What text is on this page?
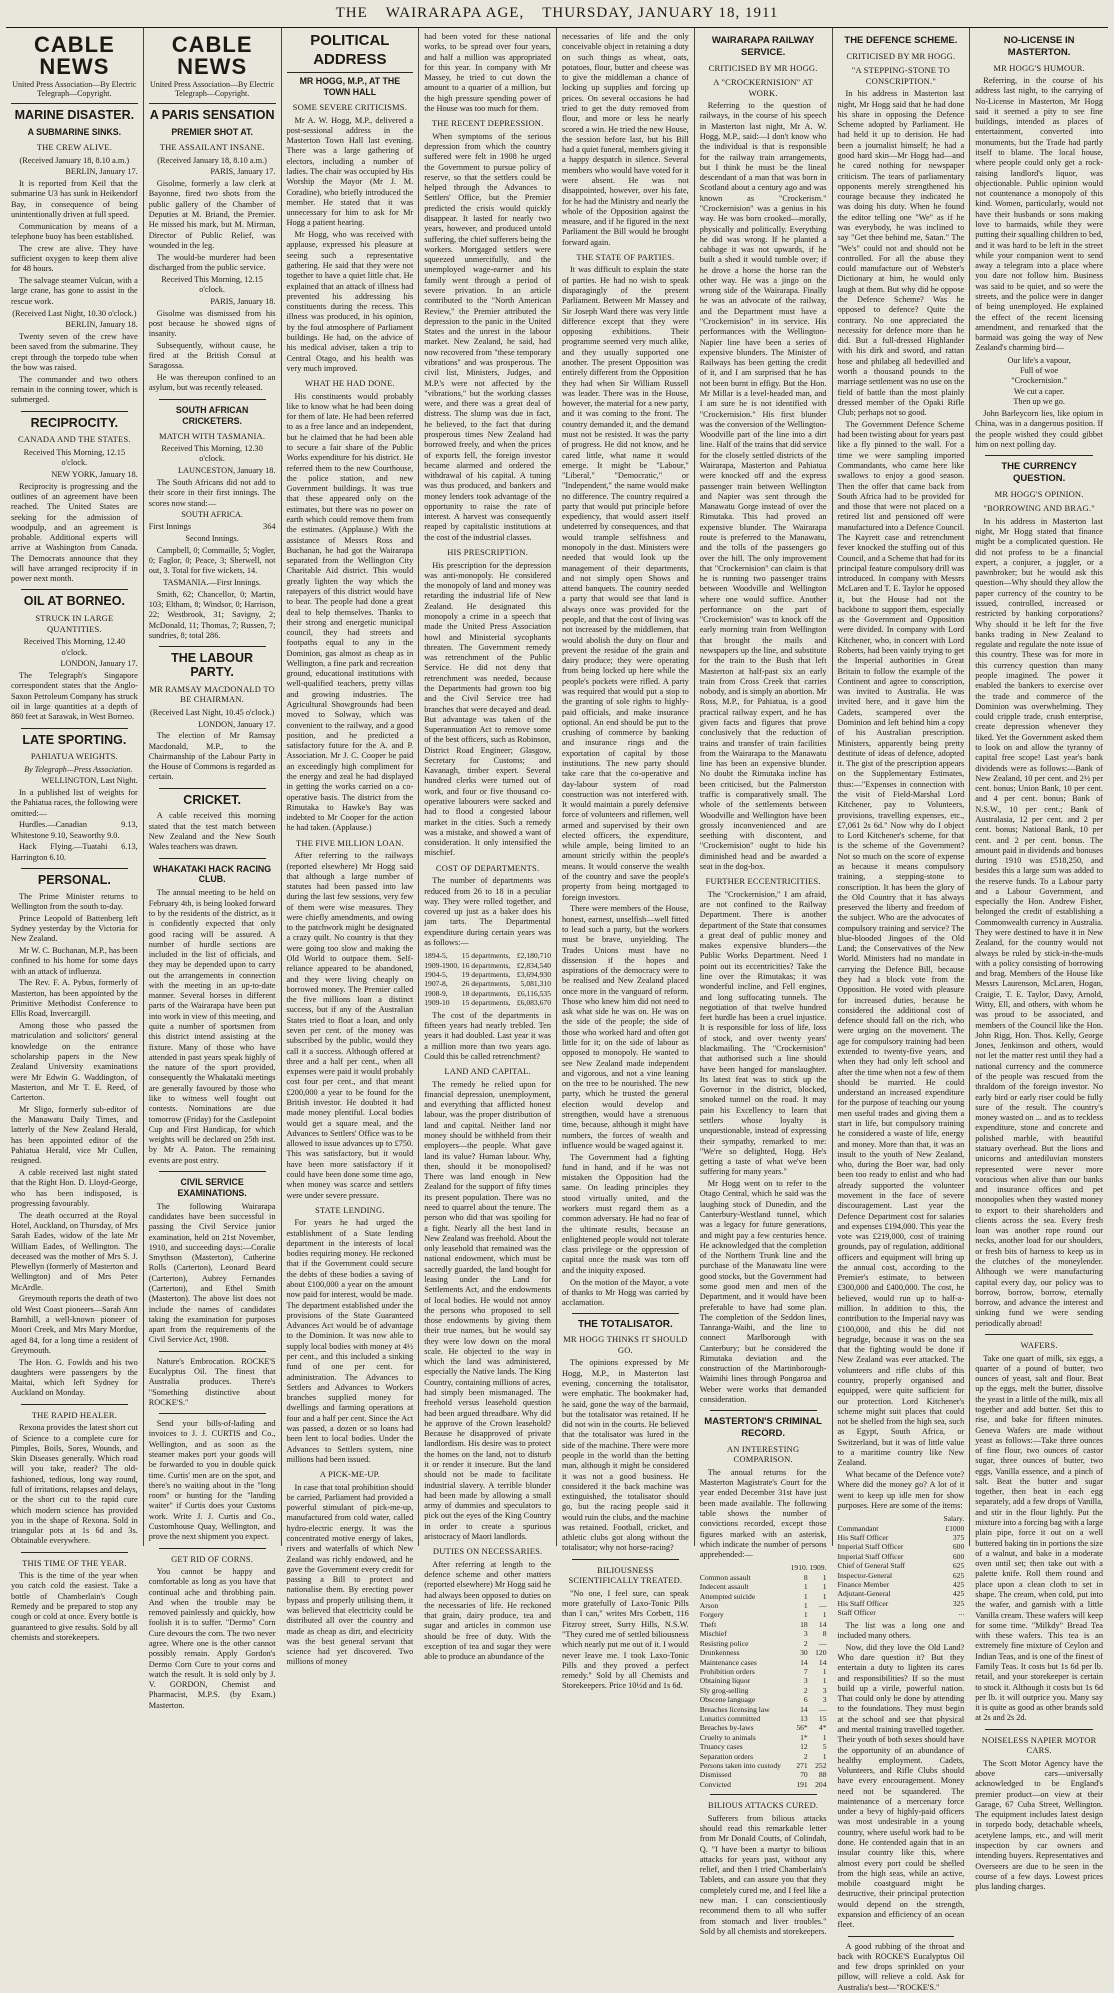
THE WAIRARAPA AGE, THURSDAY, JANUARY 18, 1911
CABLE NEWS
United Press Association—By Electric Telegraph—Copyright.
MARINE DISASTER.
A SUBMARINE SINKS.
THE CREW ALIVE.

(Received January 18, 8.10 a.m.)

BERLIN, January 17.

It is reported from Keil that the submarine U3 has sunk in Heikendorf Bay, in consequence of being unintentionally driven at full speed.

Communication by means of a telephone buoy has been established.

The crew are alive. They have sufficient oxygen to keep them alive for 48 hours.

The salvage steamer Vulcan, with a large crane, has gone to assist in the rescue work.

(Received Last Night, 10.30 o'clock.)

BERLIN, January 18.

Twenty seven of the crew have been saved from the submarine. They crept through the torpedo tube when the bow was raised.

The commander and two others remain in the conning tower, which is submerged.

RECIPROCITY.
CANADA AND THE STATES.

Received This Morning, 12.15 o'clock.

NEW YORK, January 18.

Reciprocity is progressing and the outlines of an agreement have been reached. The United States are seeking for the admission of woodpulp, and an agreement is probable. Additional experts will arrive at Washington from Canada. The Democrats announce that they will have arranged reciprocity if in power next month.

OIL AT BORNEO.
STRUCK IN LARGE QUANTITIES.

Received This Morning, 12.40 o'clock.

LONDON, January 17.

The Telegraph's Singapore correspondent states that the Anglo-Saxon Petroleum Company has struck oil in large quantities at a depth of 860 feet at Sarawak, in West Borneo.

LATE SPORTING.
PAHIATUA WEIGHTS.

By Telegraph—Press Association.

WELLINGTON, Last Night.

In a published list of weights for the Pahiatua races, the following were omitted:—

Hurdles.—Canadian 9.13, Whitestone 9.10, Seaworthy 9.0.

Hack Flying.—Tuatahi 6.13, Harrington 6.10.

PERSONAL.

The Prime Minister returns to Wellington from the south to-day.

Prince Leopold of Battenberg left Sydney yesterday by the Victoria for New Zealand.

Mr W. C. Buchanan, M.P., has been confined to his home for some days with an attack of influenza.

The Rev. F. A. Pybus, formerly of Masterton, has been appointed by the Primitive Methodist Conference to Ellis Road, Invercargill.

Among those who passed the matriculation and solicitors' general knowledge on the entrance scholarship papers in the New Zealand University examinations were Mr Edwin G. Waddington, of Masterton, and Mr T. E. Reed, of Carterton.

Mr Sligo, formerly sub-editor of the Manawatu Daily Times, and latterly of the New Zealand Herald, has been appointed editor of the Pahiatua Herald, vice Mr Cullen, resigned.

A cable received last night stated that the Right Hon. D. Lloyd-George, who has been indisposed, is progressing favourably.

The death occurred at the Royal Hotel, Auckland, on Thursday, of Mrs Sarah Eades, widow of the late Mr William Eades, of Wellington. The deceased was the mother of Mrs S. J. Plewellyn (formerly of Masterton and Wellington) and of Mrs Peter McArdle.

Greymouth reports the death of two old West Coast pioneers—Sarah Ann Barnhill, a well-known pioneer of Moori Creek, and Mrs Mary Mordue, aged 84, for a long time a resident of Greymouth.

The Hon. G. Fowlds and his two daughters were passengers by the Maitai, which left Sydney for Auckland on Monday.

THE RAPID HEALER.

Rexona provides the latest short cut of Science to a complete cure for Pimples, Boils, Sores, Wounds, and Skin Diseases generally. Which road will you take, reader? The old-fashioned, tedious, long way round, full of irritations, relapses and delays, or the short cut to the rapid cure which modern science has provided you in the shape of Rexona. Sold in triangular pots at 1s 6d and 3s. Obtainable everywhere.

THIS TIME OF THE YEAR.

This is the time of the year when you catch cold the easiest. Take a bottle of Chamberlain's Cough Remedy and be prepared to stop any cough or cold at once. Every bottle is guaranteed to give results. Sold by all chemists and storekeepers.

CABLE NEWS
United Press Association—By Electric Telegraph—Copyright.
A PARIS SENSATION
PREMIER SHOT AT.
THE ASSAILANT INSANE.

(Received January 18, 8.10 a.m.)

PARIS, January 17.

Gisolme, formerly a law clerk at Bayonne, fired two shots from the public gallery of the Chamber of Deputies at M. Briand, the Premier. He missed his mark, but M. Mirman, Director of Public Relief, was wounded in the leg.

The would-be murderer had been discharged from the public service.

Received This Morning, 12.15 o'clock.

PARIS, January 18.

Gisolme was dismissed from his post because he showed signs of insanity.

Subsequently, without cause, he fired at the British Consul at Saragossa.

He was thereupon confined to an asylum, but was recently released.

SOUTH AFRICAN CRICKETERS.
MATCH WITH TASMANIA.

Received This Morning, 12.30 o'clock.

LAUNCESTON, January 18.

The South Africans did not add to their score in their first innings. The scores now stand:—

SOUTH AFRICA.

First Innings	364

Second Innings.

Campbell, 0; Commaille, 5; Vogler, 0; Faglor, 0; Peace, 3; Sherwell, not out, 3. Total for five wickets, 14.

TASMANIA.—First Innings.

Smith, 62; Chancellor, 0; Martin, 103; Eltham, 8; Windsor, 0; Harrison, 22; Westbrook, 31; Savigny, 2; McDonald, 11; Thomas, 7; Russen, 7; sundries, 8; total 286.

THE LABOUR PARTY.
MR RAMSAY MACDONALD TO BE CHAIRMAN.

(Received Last Night, 10.45 o'clock.)

LONDON, January 17.

The election of Mr Ramsay Macdonald, M.P., to the Chairmanship of the Labour Party in the House of Commons is regarded as certain.

CRICKET.

A cable received this morning stated that the test match between New Zealand and the New South Wales teachers was drawn.

WHAKATAKI HACK RACING CLUB.

The annual meeting to be held on February 4th, is being looked forward to by the residents of the district, as it is confidently expected that only good racing will be assured. A number of hurdle sections are included in the list of officials, and they may be depended upon to carry out the arrangements in connection with the meeting in an up-to-date manner. Several horses in different parts of the Wairarapa have been put into work in view of this meeting, and quite a number of sportsmen from this district intend assisting at the fixture. Many of those who have attended in past years speak highly of the nature of the sport provided, consequently the Whakataki meetings are generally favoured by those who like to witness well fought out contests. Nominations are due tomorrow (Friday) for the Castlepoint Cup and First Handicap, for which weights will be declared on 25th inst. by Mr A. Paton. The remaining events are post entry.

CIVIL SERVICE EXAMINATIONS.

The following Wairarapa candidates have been successful in passing the Civil Service junior examination, held on 21st November, 1910, and succeeding days:—Coralie Smythson (Masterton), Catherine Rolls (Carterton), Leonard Beard (Carterton), Aubrey Fernandes (Carterton), and Ethel Smith (Masterton). The above list does not include the names of candidates taking the examination for purposes apart from the requirements of the Civil Service Act, 1908.

Nature's Embrocation. ROCKE'S Eucalyptus Oil. The finest that Australia produces. There's "Something distinctive about ROCKE'S."

Send your bills-of-lading and invoices to J. J. CURTIS and Co., Wellington, and as soon as the steamer makes port your goods will be forwarded to you in double quick time. Curtis' men are on the spot, and there's no waiting about in the "long room" or hunting for the "landing waiter" if Curtis does your Customs work. Write J. J. Curtis and Co., Customhouse Quay, Wellington, and prove the next shipment you expect.

GET RID OF CORNS.

You cannot be happy and comfortable as long as you have that continual ache and throbbing pain. And when the trouble may be removed painlessly and quickly, how foolish it is to suffer. "Dermo" Corn Cure devours the corn. The two never agree. Where one is the other cannot possibly remain. Apply Gordon's Dermo Corn Cure to your corns and watch the result. It is sold only by J. V. GORDON, Chemist and Pharmacist, M.P.S. (by Exam.) Masterton.

POLITICAL ADDRESS
MR HOGG, M.P., AT THE TOWN HALL
SOME SEVERE CRITICISMS.

Mr A. W. Hogg, M.P., delivered a post-sessional address in the Masterton Town Hall last evening. There was a large gathering of electors, including a number of ladies. The chair was occupied by His Worship the Mayor (Mr J. M. Coradine), who briefly introduced the member. He stated that it was unnecessary for him to ask for Mr Hogg a patient hearing.

Mr Hogg, who was received with applause, expressed his pleasure at seeing such a representative gathering. He said that they were not together to have a quiet little chat. He explained that an attack of illness had prevented his addressing his constituents during the recess. This illness was produced, in his opinion, by the foul atmosphere of Parliament buildings. He had, on the advice of his medical adviser, taken a trip to Central Otago, and his health was very much improved.

WHAT HE HAD DONE.

His constituents would probably like to know what he had been doing for them of late. He had been referred to as a free lance and an independent, but he claimed that he had been able to secure a fair share of the Public Works expenditure for his district. He referred them to the new Courthouse, the police station, and new Government buildings. It was true that these appeared only on the estimates, but there was no power on earth which could remove them from the estimates. (Applause.) With the assistance of Messrs Ross and Buchanan, he had got the Wairarapa separated from the Wellington City Charitable Aid district. This would greatly lighten the way which the ratepayers of this district would have to bear. The people had done a great deal to help themselves. Thanks to their strong and energetic municipal council, they had streets and footpaths equal to any in the Dominion, gas almost as cheap as in Wellington, a fine park and recreation ground, educational institutions with well-qualified teachers, pretty villas and growing industries. The Agricultural Showgrounds had been moved to Solway, which was convenient to the railway, and a good position, and he predicted a satisfactory future for the A. and P. Association. Mr J. C. Cooper be paid an exceedingly high compliment for the energy and zeal he had displayed in getting the works carried on a co-operative basis. The district from the Rimutaka to Hawke's Bay was indebted to Mr Cooper for the action he had taken. (Applause.)

THE FIVE MILLION LOAN.

After referring to the railways (reported elsewhere) Mr Hogg said that although a large number of statutes had been passed into law during the last few sessions, very few of them were wise measures. They were chiefly amendments, and owing to the patchwork might be designated a crazy quilt. No country is that they were going too slow and making the Old World to outpace them. Self-reliance appeared to be abandoned, and they were living cheaply on borrowed money. The Premier called the five millions loan a distinct success, but if any of the Australian States tried to float a loan, and only seven per cent. of the money was subscribed by the public, would they call it a success. Although offered at three and a half per cent., when all expenses were paid it would probably cost four per cent., and that meant £200,000 a year to be found for the British investor. He doubted it had made money plentiful. Local bodies would get a square meal, and the Advances to Settlers' Office was to be allowed to issue advances up to £750. This was satisfactory, but it would have been more satisfactory if it could have been done some time ago, when money was scarce and settlers were under severe pressure.

STATE LENDING.

For years he had urged the establishment of a State lending department in the interests of local bodies requiring money. He reckoned that if the Government could secure the debts of these bodies a saving of about £100,000 a year on the amount now paid for interest, would be made. The department established under the provisions of the State Guaranteed Advances Act would be of advantage to the Dominion. It was now able to supply local bodies with money at 4½ per cent., and this included a sinking fund of one per cent. for administration. The Advances to Settlers and Advances to Workers branches supplied money for dwellings and farming operations at four and a half per cent. Since the Act was passed, a dozen or so loans had been lent to local bodies. Under the Advances to Settlers system, nine millions had been issued.

A PICK-ME-UP.

In case that total prohibition should be carried, Parliament had provided a powerful stimulant of pick-me-up, manufactured from cold water, called hydro-electric energy. It was the concentrated motive energy of lakes, rivers and waterfalls of which New Zealand was richly endowed, and he gave the Government every credit for passing a Bill to protect and nationalise them. By erecting power bypass and properly utilising them, it was believed that electricity could be distributed all over the country and made as cheap as dirt, and electricity was the best general servant that science had yet discovered. Two millions of money

had been voted for these national works, to be spread over four years, and half a million was appropriated for this year. In company with Mr Massey, he tried to cut down the amount to a quarter of a million, but the high pressure spending power of the House was too much for them.

THE RECENT DEPRESSION.

When symptoms of the serious depression from which the country suffered were felt in 1908 he urged the Government to pursue policy of reserve, so that the settlers could be helped through the Advances to Settlers' Office, but the Premier predicted the crisis would quickly disappear. It lasted for nearly two years, however, and produced untold suffering, the chief sufferers being the workers. Mortgaged settlers were squeezed unmercifully, and the unemployed wage-earner and his family went through a period of severe privation. In an article contributed to the "North American Review," the Premier attributed the depression to the panic in the United States and the unrest in the labour market. New Zealand, he said, had now recovered from "these temporary vibrations" and was prosperous. The civil list, Ministers, Judges, and M.P.'s were not affected by the "vibrations," but the working classes were, and there was a great deal of distress. The slump was due in fact, he believed, to the fact that during prosperous times New Zealand had borrowed freely, and when the prices of exports fell, the foreign investor became alarmed and ordered the withdrawal of his capital. A tuning was thus produced, and bankers and money lenders took advantage of the opportunity to raise the rate of interest. A harvest was consequently reaped by capitalistic institutions at the cost of the industrial classes.

HIS PRESCRIPTION.

His prescription for the depression was anti-monopoly. He considered the monopoly of land and money was retarding the industrial life of New Zealand. He designated this monopoly a crime in a speech that made the United Press Association howl and Ministerial sycophants threaten. The Government remedy was retrenchment of the Public Service. He did not deny that retrenchment was needed, because the Departments had grown too big and the Civil Service tree had branches that were decayed and dead. But advantage was taken of the Superannuation Act to remove some of the best officers, such as Robinson, District Road Engineer; Glasgow, Secretary for Customs; and Kavanagh, timber expert. Several hundred clerks were turned out of work, and four or five thousand co-operative labourers were sacked and had to flood a congested labour market in the cities. Such a remedy was a mistake, and showed a want of consideration. It only intensified the mischief.

COST OF DEPARTMENTS.

The number of departments was reduced from 26 to 18 in a peculiar way. They were rolled together, and covered up just as a baker does his jam tarts. The Departmental expenditure during certain years was as follows:—

1894-5,	15 departments,	£2,180,710
1909-1900,	16 departments,	£2,834,540
1904-5,	19 departments,	£3,694,930
1907-8,	26 departments,	5,081,310
1908-9,	18 departments,	£6,116,535
1909-10	15 departments,	£6,083,670

The cost of the departments in fifteen years had nearly trebled. Ten years it had doubled. Last year it was a million more than two years ago. Could this be called retrenchment?

LAND AND CAPITAL.

The remedy he relied upon for financial depression, unemployment, and everything that afflicted honest labour, was the proper distribution of land and capital. Neither land nor money should be withheld from their employers—the people. What gave land its value? Human labour. Why, then, should it be monopolised? There was land enough in New Zealand for the support of fifty times its present population. There was no need to quarrel about the tenure. The person who did that was spoiling for a fight. Nearly all the best land in New Zealand was freehold. About the only leasehold that remained was the national endowment, which must be sacredly guarded, the land bought for leasing under the Land for Settlements Act, and the endowments of local bodies. He would not annoy the persons who proposed to sell those endowments by giving them their true names, but he would say they were low down on the moral scale. He objected to the way in which the land was administered, especially the Native lands. The King Country, containing millions of acres, had simply been mismanaged. The freehold versus leasehold question had been argued threadbare. Why did he approve of the Crown leasehold? Because he disapproved of private landlordism. His desire was to protect the homes on the land, not to disturb it or render it insecure. But the land should not be made to facilitate industrial slavery. A terrible blunder had been made by allowing a small army of dummies and speculators to pick out the eyes of the King Country in order to create a spurious aristocracy of Maori landlords.

DUTIES ON NECESSARIES.

After referring at length to the defence scheme and other matters (reported elsewhere) Mr Hogg said he had always been opposed to duties on the necessaries of life. He reckoned that grain, dairy produce, tea and sugar and articles in common use should be free of duty. With the exception of tea and sugar they were able to produce an abundance of the

necessaries of life and the only conceivable object in retaining a duty on such things as wheat, oats, potatoes, flour, butter and cheese was to give the middleman a chance of locking up supplies and forcing up prices. On several occasions he had tried to get the duty removed from flour, and more or less he nearly scored a win. He tried the new House, the session before last, but his Bill had a quiet funeral, members giving it a happy despatch in silence. Several members who would have voted for it were absent. He was not disappointed, however, over his fate, for he had the Ministry and nearly the whole of the Opposition against the measure, and if he figured in the next Parliament the Bill would be brought forward again.

THE STATE OF PARTIES.

It was difficult to explain the state of parties. He had no wish to speak disparagingly of the present Parliament. Between Mr Massey and Sir Joseph Ward there was very little difference except that they were opposing exhibitions. Their programme seemed very much alike, and they usually supported one another. The present Opposition was entirely different from the Opposition they had when Sir William Russell was leader. There was in the House, however, the material for a new party, and it was coming to the front. The country demanded it, and the demand must not be resisted. It was the party of progress. He did not know, and he cared little, what name it would emerge. It might be "Labour," "Liberal," "Democratic," or "Independent," the name would make no difference. The country required a party that would put principle before expediency, that would assert itself undeterred by consequences, and that would trample selfishness and monopoly in the dust. Ministers were needed that would look up the management of their departments, and not simply open Shows and attend banquets. The country needed a party that would see that land is always once was provided for the people, and that the cost of living was not increased by the middlemen, that would abolish the duty on flour and prevent the residue of the grain and dairy produce; they were operating from being locked up here while the people's pockets were rifled. A party was required that would put a stop to the granting of sole rights to highly-paid officials, and make insurance optional. An end should be put to the crushing of commerce by banking and insurance rings and the exportation of capital by those institutions. The new party should take care that the co-operative and day-labour system of road construction was not interfered with. It would maintain a purely defensive force of volunteers and riflemen, well armed and supervised by their own elected officers, the expenditure, while ample, being limited to an amount strictly within the people's means. It would conserve the wealth of the country and save the people's property from being mortgaged to foreign investors.

There were members of the House, honest, earnest, unselfish—well fitted to lead such a party, but the workers must be brave, unyielding. The Trades Unions must have no dissension if the hopes and aspirations of the democracy were to be realised and New Zealand placed once more in the vanguard of reform. Those who knew him did not need to ask what side he was on. He was on the side of the people; the side of those who worked hard and often got little for it; on the side of labour as opposed to monopoly. He wanted to see New Zealand made independent and vigorous, and not a vine leaning on the tree to be nourished. The new party, which he trusted the general election would develop and strengthen, would have a strenuous time, because, although it might have numbers, the forces of wealth and influence would be waged against it.

The Government had a fighting fund in hand, and if he was not mistaken the Opposition had the same. On leading principles they stood virtually united, and the workers must regard them as a common adversary. He had no fear of the ultimate results, because an enlightened people would not tolerate class privilege or the oppression of capital once the mask was torn off and the iniquity exposed.

On the motion of the Mayor, a vote of thanks to Mr Hogg was carried by acclamation.

THE TOTALISATOR.
MR HOGG THINKS IT SHOULD GO.

The opinions expressed by Mr Hogg, M.P., in Masterton last evening, concerning the totalisator, were emphatic. The bookmaker had, he said, gone the way of the barmaid, but the totalisator was retained. If he did not win in the courts. He believed that the totalisator was lured in the side of the machine. There were more people in the world than the betting man, although it might be considered it was not a good business. He considered it the back machine was extinguished, the totalisator should go, but the racing people said it would ruin the clubs, and the machine was retained. Football, cricket, and athletic clubs got along without the totalisator; why not horse-racing?

BILIOUSNESS SCIENTIFICALLY TREATED.

"No one, I feel sure, can speak more gratefully of Laxo-Tonic Pills than I can," writes Mrs Corbett, 116 Fitzroy street, Surry Hills, N.S.W. "They cured me of settled biliousness which nearly put me out of it. I would never leave me. I took Laxo-Tonic Pills and they proved a perfect remedy." Sold by all Chemists and Storekeepers. Price 10½d and 1s 6d.

WAIRARAPA RAILWAY SERVICE.
CRITICISED BY MR HOGG.
A "CROCKERNISION" AT WORK.

Referring to the question of railways, in the course of his speech in Masterton last night, Mr A. W. Hogg, M.P., said:—I don't know who the individual is that is responsible for the railway train arrangements, but I think he must be the lineal descendant of a man that was born in Scotland about a century ago and was known as "Crockerism." "Crockernision" was a genius in his way. He was born crooked—morally, physically and politically. Everything he did was wrong. If he planted a cabbage it was not upwards, if he built a shed it would tumble over; if he drove a horse the horse ran the other way. He was a jingo on the wrong side of the Wairarapa. Finally he was an advocate of the railway, and the Department must have a "Crockernision" in its service. His performances with the Wellington-Napier line have been a series of expensive blunders. The Minister of Railways has been getting the credit of it, and I am surprised that he has not been burnt in effigy. But the Hon. Mr Millar is a level-headed man, and I am sure he is not identified with "Crockernision." His first blunder was the conversion of the Wellington-Woodville part of the line into a dirt line. Half of the trains that did service for the closely settled districts of the Wairarapa, Masterton and Pahiatua were knocked off and the express passenger train between Wellington and Napier was sent through the Manawatu Gorge instead of over the Rimutaka. This had proved an expensive blunder. The Wairarapa route is preferred to the Manawatu, and the tolls of the passengers go over the hill. The only improvement that "Crockernision" can claim is that he is running two passenger trains between Woodville and Wellington where one would suffice. Another performance on the part of "Crockernision" was to knock off the early morning train from Wellington that brought the mails and newspapers up the line, and substitute for the train to the Bush that left Masterton at half-past six an early train from Cross Creek that carries nobody, and is simply an abortion. Mr Ross, M.P., for Pahiatua, is a good practical railway expert, and he has given facts and figures that prove conclusively that the reduction of trains and transfer of train facilities from the Wairarapa to the Manawatu line has been an expensive blunder. No doubt the Rimutaka incline has been criticised, but the Palmerston traffic is comparatively small. The whole of the settlements between Woodville and Wellington have been grossly inconvenienced and are seething with discontent, and "Crockernision" ought to hide his diminished head and be awarded a seat in the dog-box.

FURTHER ECCENTRICITIES.

The "Crockernision," I am afraid, are not confined to the Railway Department. There is another department of the State that consumes a great deal of public money and makes expensive blunders—the Public Works Department. Need I point out its eccentricities? Take the line over the Rimutakas; it was wonderful incline, and Fell engines, and long suffocating tunnels. The negotiation of that twelve hundred feet hurdle has been a cruel injustice. It is responsible for loss of life, loss of stock, and over twenty years' blackmailing. The "Crockernision" that authorised such a line should have been hanged for manslaughter. Its latest feat was to stick up the Governor in the district, blocked, smoked tunnel on the road. It may pain his Excellency to learn that settlers whose loyalty is unquestionable, instead of expressing their sympathy, remarked to me: "We're so delighted, Hogg. He's getting a taste of what we've been suffering for many years."

Mr Hogg went on to refer to the Otago Central, which he said was the laughing stock of Dunedin, and the Canterbury-Westland tunnel, which was a legacy for future generations, and might pay a few centuries hence. He acknowledged that the completion of the Northern Trunk line and the purchase of the Manawatu line were good stocks, but the Government had some good men and men of the Department, and it would have been preferable to have had some plan. The completion of the Seddon lines, Tanranga-Waihi, and the line to connect Marlborough with Canterbury; but he considered the Rimutaka deviation and the construction of the Martinborough-Waimihi lines through Pongaroa and Weber were works that demanded consideration.

MASTERTON'S CRIMINAL RECORD.
AN INTERESTING COMPARISON.

The annual returns for the Masterton Magistrate's Court for the year ended December 31st have just been made available. The following table shows the number of convictions recorded, except those figures marked with an asterisk, which indicate the number of persons apprehended:—

	1910.	1909.
Common assault	8	1
Indecent assault	1	1
Attempted suicide	1	1
Arson	1	—
Forgery	1	1
Theft	18	14
Mischief	3	8
Resisting police	2	—
Drunkenness	30	120
Maintenance cases	14	14
Prohibition orders	7	1
Obtaining liquor	3	1
Sly grog-selling	2	3
Obscene language	6	3
Breaches licensing law	14	—
Lunatics committed	13	15
Breaches by-laws	56*	4*
Cruelty to animals	1*	1
Truancy cases	12	5
Separation orders	2	1
Persons taken into custody	271	252
Dismissed	70	88
Convicted	191	204
BILIOUS ATTACKS CURED.

Sufferers from bilious attacks should read this remarkable letter from Mr Donald Coutts, of Colindah, Q. "I have been a martyr to bilious attacks for years past, without any relief, and then I tried Chamberlain's Tablets, and can assure you that they completely cured me, and I feel like a new man. I can conscientiously recommend them to all who suffer from stomach and liver troubles." Sold by all chemists and storekeepers.

THE DEFENCE SCHEME.
CRITICISED BY MR HOGG.
"A STEPPING-STONE TO CONSCRIPTION."

In his address in Masterton last night, Mr Hogg said that he had done his share in opposing the Defence Scheme adopted by Parliament. He had held it up to derision. He had been a journalist himself; he had a good hard skin—Mr Hogg had—and he cared nothing for newspaper criticism. The tears of parliamentary opponents merely strengthened his courage because they indicated he was doing his duty. When he found the editor telling one "We" as if he was everybody, he was inclined to say "Get thee behind me, Satan." The "We's" could not and should not be controlled. For all the abuse they could manufacture out of Webster's Dictionary at him, he would only laugh at them. But why did he oppose the Defence Scheme? Was he opposed to defence? Quite the contrary. No one appreciated the necessity for defence more than he did. But a full-dressed Highlander with his dirk and sword, and rattan hose and philabeg all bedevilled and worth a thousand pounds to the marriage settlement was no use on the field of battle than the most plainly dressed member of the Opaki Rifle Club; perhaps not so good.

The Government Defence Scheme had been twisting about for years past like a fly pinned to the wall. For a time we were sampling imported Commandants, who came here like swallows to enjoy a good season. Then the offer that came back from South Africa had to be provided for and those that were not placed on a retired list and pensioned off were manufactured into a Defence Council. The Kayrett case and retrenchment fever knocked the stuffing out of this Council, and a Scheme that had for its principal feature compulsory drill was introduced. In company with Messrs McLaren and T. E. Taylor he opposed it, but the House had not the backbone to support them, especially as the Government and Opposition were divided. In company with Lord Kitchener, who, in concert with Lord Roberts, had been vainly trying to get the Imperial authorities in Great Britain to follow the example of the Continent and agree to conscription, was invited to Australia. He was invited here, and it gave him the Cadets, scampered over the Dominion and left behind him a copy of his Australian prescription. Ministers, apparently being pretty destitute of ideas of defence, adopted it. The gist of the prescription appears on the Supplementary Estimates, thus:—"Expenses in connection with the visit of Field-Marshal Lord Kitchener, pay to Volunteers, provisions, travelling expenses, etc., £7,061 2s 6d." Now why do I object to Lord Kitchener's scheme, for that is the scheme of the Government? Not so much on the score of expense as because it means compulsory training, a stepping-stone to conscription. It has been the glory of the Old Country that it has always preserved the liberty and freedom of the subject. Who are the advocates of compulsory training and service? The blue-blooded Jingoes of the Old Land; the Conservatives of the New World. Ministers had no mandate in carrying the Defence Bill, because they had a block vote from the Opposition. He voted with pleasure for increased duties, because he considered the additional cost of defence should fall on the rich, who were urging on the movement. The age for compulsory training had been extended to twenty-five years, and when they had only left school and after the time when not a few of them should be married. He could understand an increased expenditure for the purpose of teaching our young men useful trades and giving them a start in life, but compulsory training he considered a waste of life, energy and money. More than that, it was an insult to the youth of New Zealand, who, during the Boer war, had only been too ready to enlist and who had already supported the volunteer movement in the face of severe discouragement. Last year the Defence Department cost for salaries and expenses £194,000. This year the vote was £219,000, cost of training grounds, pay of regulation, additional officers and equipment will bring up the annual cost, according to the Premier's estimate, to between £300,000 and £400,000. The cost, he believed, would run up to half-a-million. In addition to this, the contribution to the Imperial navy was £100,000, and this he did not begrudge, because it was on the sea that the fighting would be done if New Zealand was ever attacked. The volunteers and rifle clubs of this country, properly organised and equipped, were quite sufficient for our protection. Lord Kitchener's scheme might suit places that could not be shelled from the high sea, such as Egypt, South Africa, or Switzerland, but it was of little value to a maritime country like New Zealand.

What became of the Defence vote? Where did the money go? A lot of it went to keep up idle men for show purposes. Here are some of the items:

	Salary.
Commandant	£1000
His Staff Officer	375
Imperial Staff Officer	600
Imperial Staff Officer	600
Chief of General Staff	625
Inspector-General	625
Finance Member	425
Adjutant-General	425
His Staff Officer	325
Staff Officer	...

The list was a long one and included many others.

Now, did they love the Old Land? Who dare question it? But they entertain a duty to lighten its cares and responsibilities? If so the must build up a virile, powerful nation. That could only be done by attending to the foundations. They must begin at the school and see that physical and mental training travelled together. Their youth of both sexes should have the opportunity of an abundance of healthy employment. Cadets, Volunteers, and Rifle Clubs should have every encouragement. Money need not be squandered. The maintenance of a mercenary force under a bevy of highly-paid officers was most undesirable in a young country, where useful work had to be done. He contended again that in an insular country like this, where almost every port could be shelled from the high seas, while an active, mobile coastguard might be destructive, their principal protection would depend on the strength, expansion and efficiency of an ocean fleet.

A good rubbing of the throat and back with ROCKE'S Eucalyptus Oil and few drops sprinkled on your pillow, will relieve a cold. Ask for Australia's best—"ROCKE'S."

NO-LICENSE IN MASTERTON.
MR HOGG'S HUMOUR.

Referring, in the course of his address last night, to the carrying of No-License in Masterton, Mr Hogg said it seemed a pity to see fine buildings, intended as places of entertainment, converted into monuments, but the Trade had partly itself to blame. The local house, where people could only get a rock-raising landlord's liquor, was objectionable. Public opinion would not countenance a monopoly of this kind. Women, particularly, would not have their husbands or sons making love to barmaids, while they were putting their squalling children to bed, and it was hard to be left in the street while your companion went to send away a telegram into a place where you dare not follow him. Business was said to be quiet, and so were the streets, and the police were in danger of being unemployed. He explained the effect of the recent licensing amendment, and remarked that the barmaid was going the way of New Zealand's charming bird—

Our life's a vapour,
Full of woe
"Crockernision."
We cut a caper.
Then up we go.

John Barleycorn lies, like opium in China, was in a dangerous position. If the people wished they could gibbet him on next polling day.

THE CURRENCY QUESTION.
MR HOGG'S OPINION.
"BORROWING AND BRAG."

In his address in Masterton last night, Mr Hogg stated that finance might be a complicated question. He did not profess to be a financial expert, a conjurer, a juggler, or a pawnbroker; but he would ask this question—Why should they allow the paper currency of the country to be issued, controlled, increased or restricted by banking corporations? Why should it be left for the five banks trading in New Zealand to regulate and regulate the note issue of this country. These was for more in this currency question than many people imagined. The power it enabled the bankers to exercise over the trade and commerce of the Dominion was overwhelming. They could cripple trade, crush enterprise, create depression whenever they liked. Yet the Government asked them to look on and allow the tyranny of capital free scope! Last year's bank dividends were as follows:—Bank of New Zealand, 10 per cent. and 2½ per cent. bonus; Union Bank, 10 per cent. and 4 per cent. bonus; Bank of N.S.W., 10 per cent.; Bank of Australasia, 12 per cent. and 2 per cent. bonus; National Bank, 10 per cent. and 2 per cent. bonus. The amount paid in dividends and bonuses during 1910 was £518,250, and besides this a large sum was added to the reserve funds. To a Labour party and a Labour Government, and especially the Hon. Andrew Fisher, belonged the credit of establishing a Commonwealth currency in Australia. They were destined to have it in New Zealand, for the country would not always be ruled by stick-in-the-muds with a policy consisting of borrowing and brag. Members of the House like Messrs Laurenson, McLaren, Hogan, Craigie, T. E. Taylor, Davy, Arnold, Witty, Ell, and others, with whom he was proud to be associated, and members of the Council like the Hon. John Rigg, Hon. Thos. Kelly, George Jones, Jenkinson and others, would not let the matter rest until they had a national currency and the commerce of the people was rescued from the thraldom of the foreign investor. No early bird or early riser could be fully sure of the result. The country's money wasted on ... and as to reckless expenditure, stone and concrete and polished marble, with beautiful statuary overhead. But the lions and unicorns and antediluvian monsters represented were never more voracious when alive than our banks and insurance offices and pet monopolies when they wasted money to export to their shareholders and clients across the sea. Every fresh loan was another rope round our necks, another load for our shoulders, or fresh bits of harness to keep us in the clutches of the moneylender. Although we were manufacturing capital every day, our policy was to borrow, borrow, borrow, eternally borrow, and advance the interest and sinking fund we were sending periodically abroad!

WAFERS.

Take one quart of milk, six eggs, a quarter of a pound of butter, two ounces of yeast, salt and flour. Beat up the eggs, melt the butter, dissolve the yeast in a little of the milk, mix all together and add butter. Set this to rise, and bake for fifteen minutes. Geneva Wafers are made without yeast as follows:—Take three ounces of fine flour, two ounces of castor sugar, three ounces of butter, two eggs, Vanilla essence, and a pinch of salt. Beat the butter and sugar together, then beat in each egg separately, add a few drops of Vanilla, and stir in the flour lightly. Put the mixture into a forcing bag with a large plain pipe, force it out on a well buttered baking tin in portions the size of a walnut, and bake in a moderate oven until set; then take out with a palette knife. Roll them round and place upon a clean cloth to set in shape. The cream, when cold, put into the wafer, and garnish with a little Vanilla cream. These wafers will keep for some time. "Milkdy" Bread Tea with these wafers. This tea is an extremely fine mixture of Ceylon and Indian Teas, and is one of the finest of Family Teas. It costs but 1s 6d per lb. retail, and your storekeeper is certain to stock it. Although it costs but 1s 6d per lb. it will outprice you. Many say it is quite as good as other brands sold at 2s and 2s 2d.

NOISELESS NAPIER MOTOR CARS.

The Scott Motor Agency have the above cars—universally acknowledged to be England's premier product—on view at their Garage, 67 Cuba Street, Wellington. The equipment includes latest design in torpedo body, detachable wheels, acetylene lamps, etc., and will merit inspection by car owners and intending buyers. Representatives and Overseers are due to be seen in the course of a few days. Lowest prices plus landing charges.
